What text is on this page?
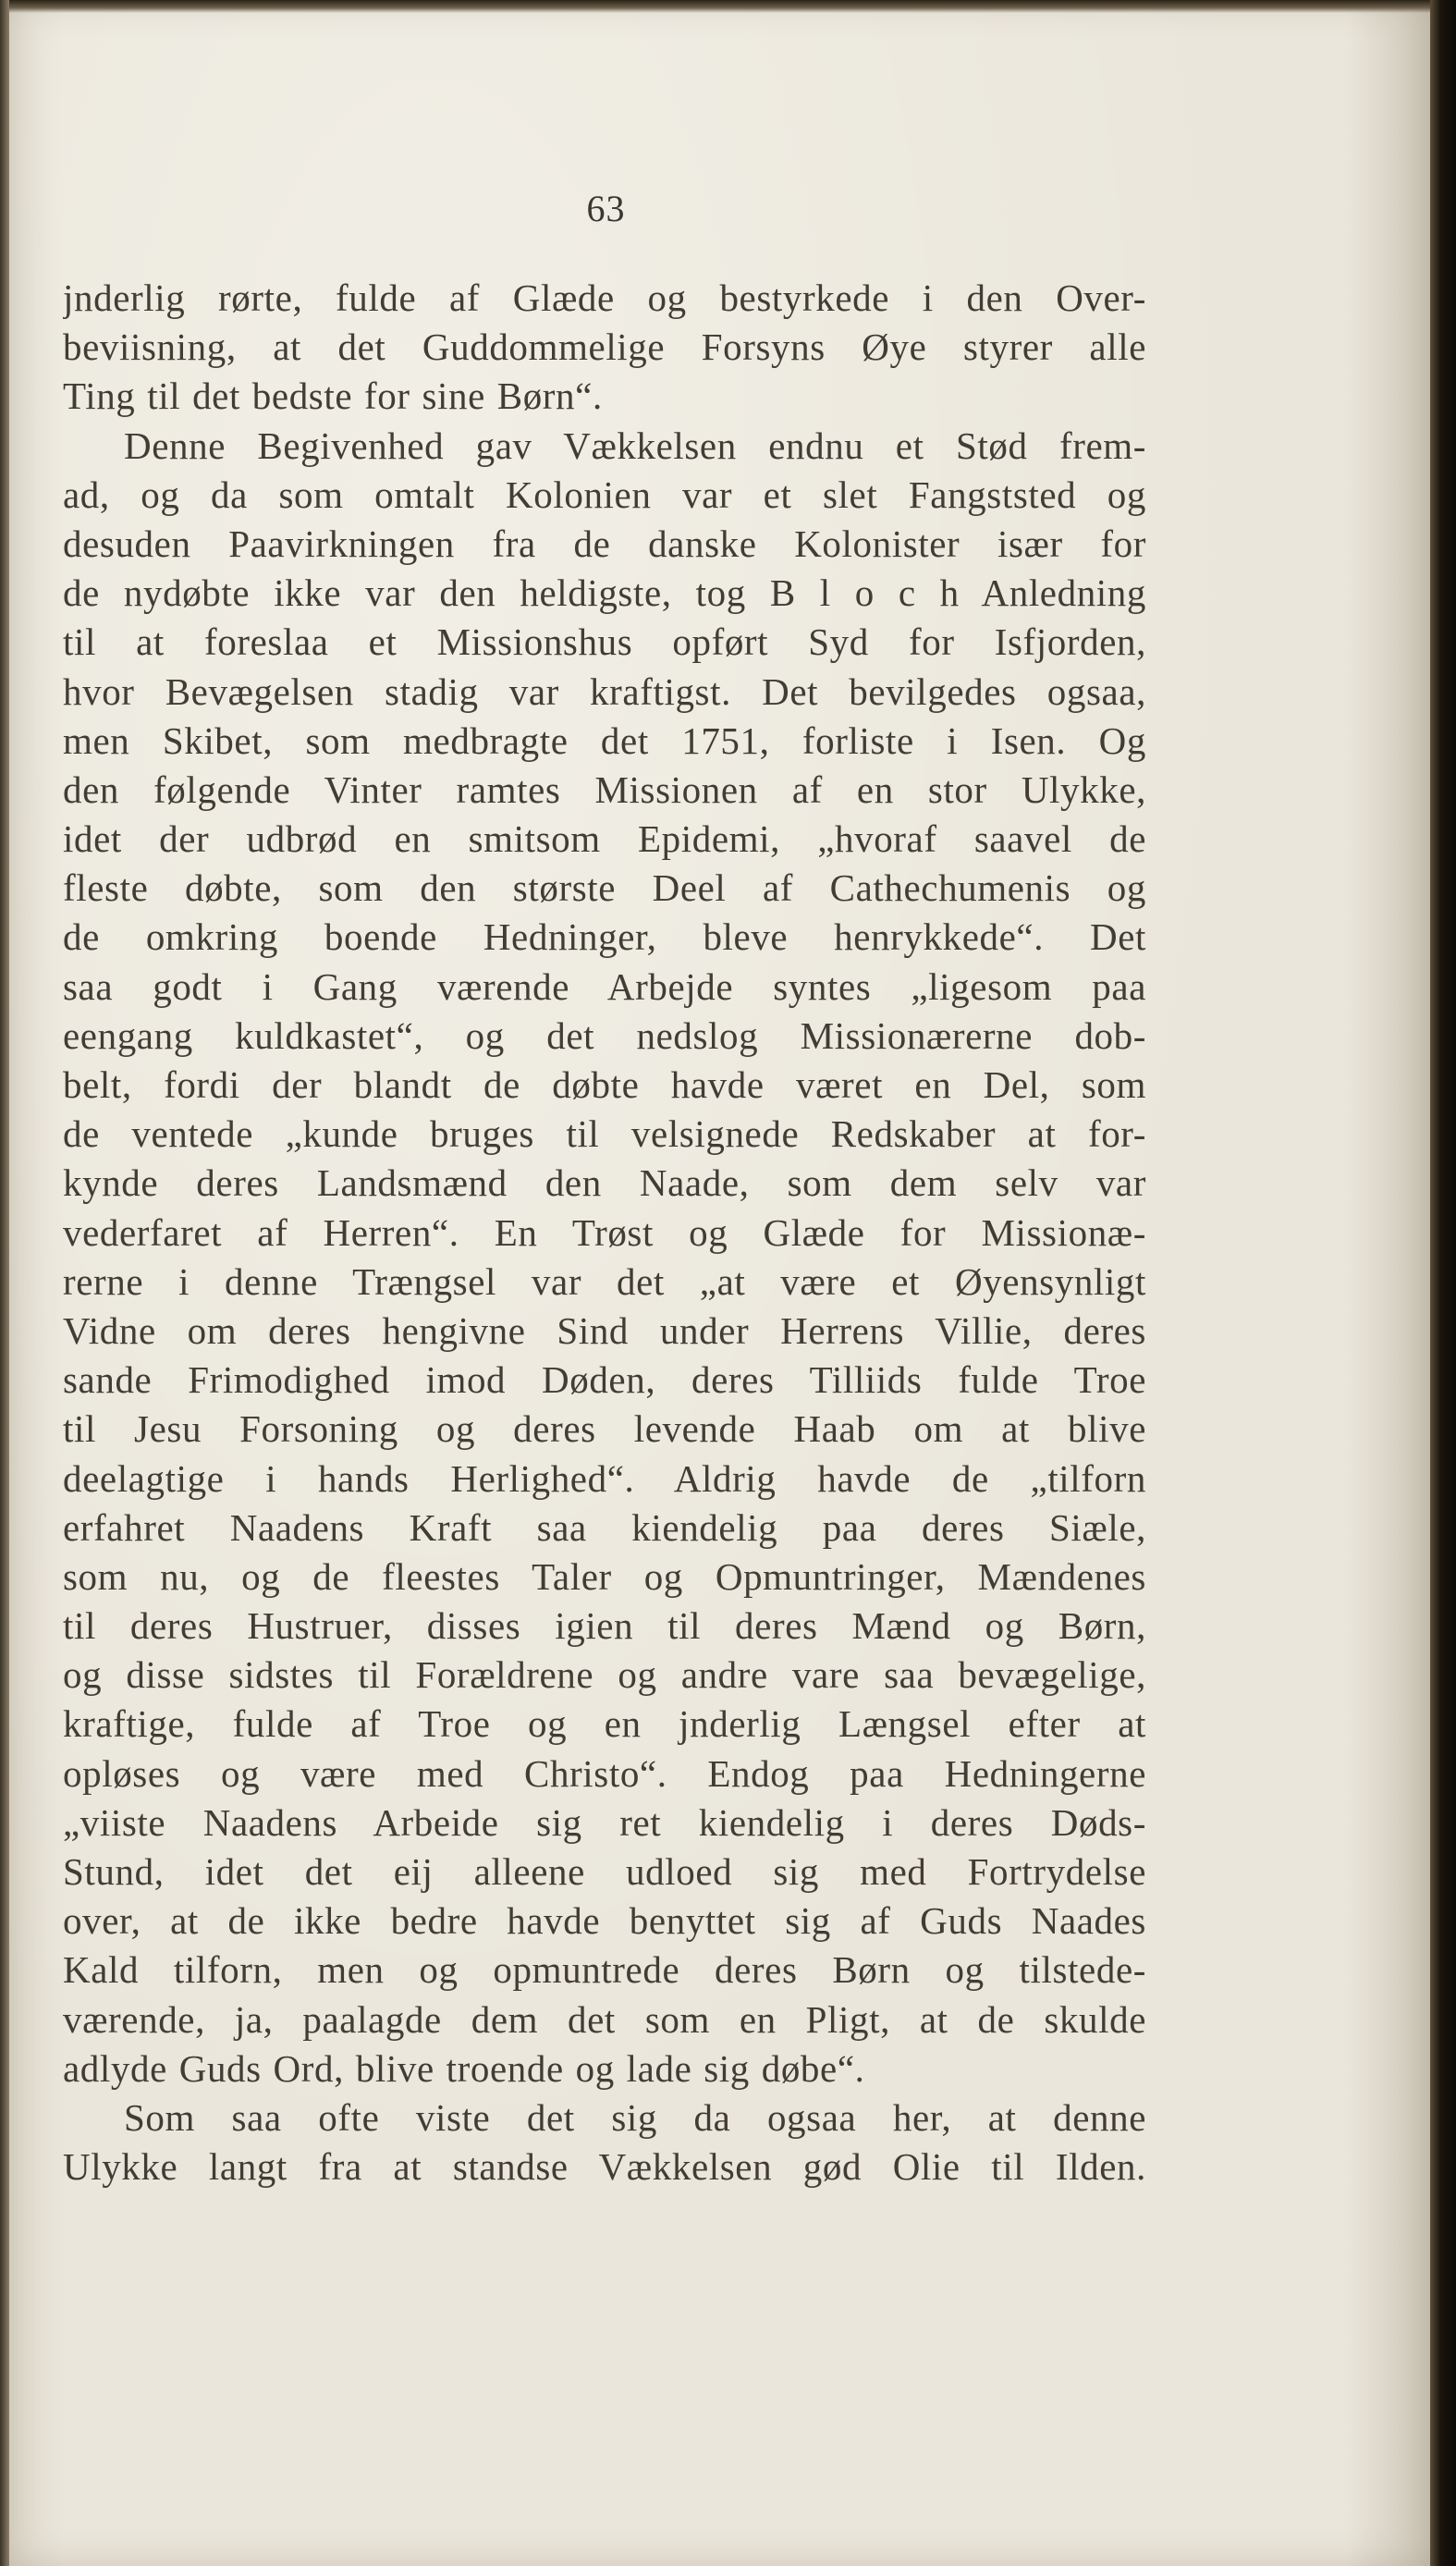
63
jnderlig rørte, fulde af Glæde og bestyrkede i den Over-
beviisning, at det Guddommelige Forsyns Øye styrer alle
Ting til det bedste for sine Børn“.
Denne Begivenhed gav Vækkelsen endnu et Stød frem-
ad, og da som omtalt Kolonien var et slet Fangststed og
desuden Paavirkningen fra de danske Kolonister især for
de nydøbte ikke var den heldigste, tog B l o c h Anledning
til at foreslaa et Missionshus opført Syd for Isfjorden,
hvor Bevægelsen stadig var kraftigst. Det bevilgedes ogsaa,
men Skibet, som medbragte det 1751, forliste i Isen. Og
den følgende Vinter ramtes Missionen af en stor Ulykke,
idet der udbrød en smitsom Epidemi, „hvoraf saavel de
fleste døbte, som den største Deel af Cathechumenis og
de omkring boende Hedninger, bleve henrykkede“. Det
saa godt i Gang værende Arbejde syntes „ligesom paa
eengang kuldkastet“, og det nedslog Missionærerne dob-
belt, fordi der blandt de døbte havde været en Del, som
de ventede „kunde bruges til velsignede Redskaber at for-
kynde deres Landsmænd den Naade, som dem selv var
vederfaret af Herren“. En Trøst og Glæde for Missionæ-
rerne i denne Trængsel var det „at være et Øyensynligt
Vidne om deres hengivne Sind under Herrens Villie, deres
sande Frimodighed imod Døden, deres Tilliids fulde Troe
til Jesu Forsoning og deres levende Haab om at blive
deelagtige i hands Herlighed“. Aldrig havde de „tilforn
erfahret Naadens Kraft saa kiendelig paa deres Siæle,
som nu, og de fleestes Taler og Opmuntringer, Mændenes
til deres Hustruer, disses igien til deres Mænd og Børn,
og disse sidstes til Forældrene og andre vare saa bevægelige,
kraftige, fulde af Troe og en jnderlig Længsel efter at
opløses og være med Christo“. Endog paa Hedningerne
„viiste Naadens Arbeide sig ret kiendelig i deres Døds-
Stund, idet det eij alleene udloed sig med Fortrydelse
over, at de ikke bedre havde benyttet sig af Guds Naades
Kald tilforn, men og opmuntrede deres Børn og tilstede-
værende, ja, paalagde dem det som en Pligt, at de skulde
adlyde Guds Ord, blive troende og lade sig døbe“.
Som saa ofte viste det sig da ogsaa her, at denne
Ulykke langt fra at standse Vækkelsen gød Olie til Ilden.
